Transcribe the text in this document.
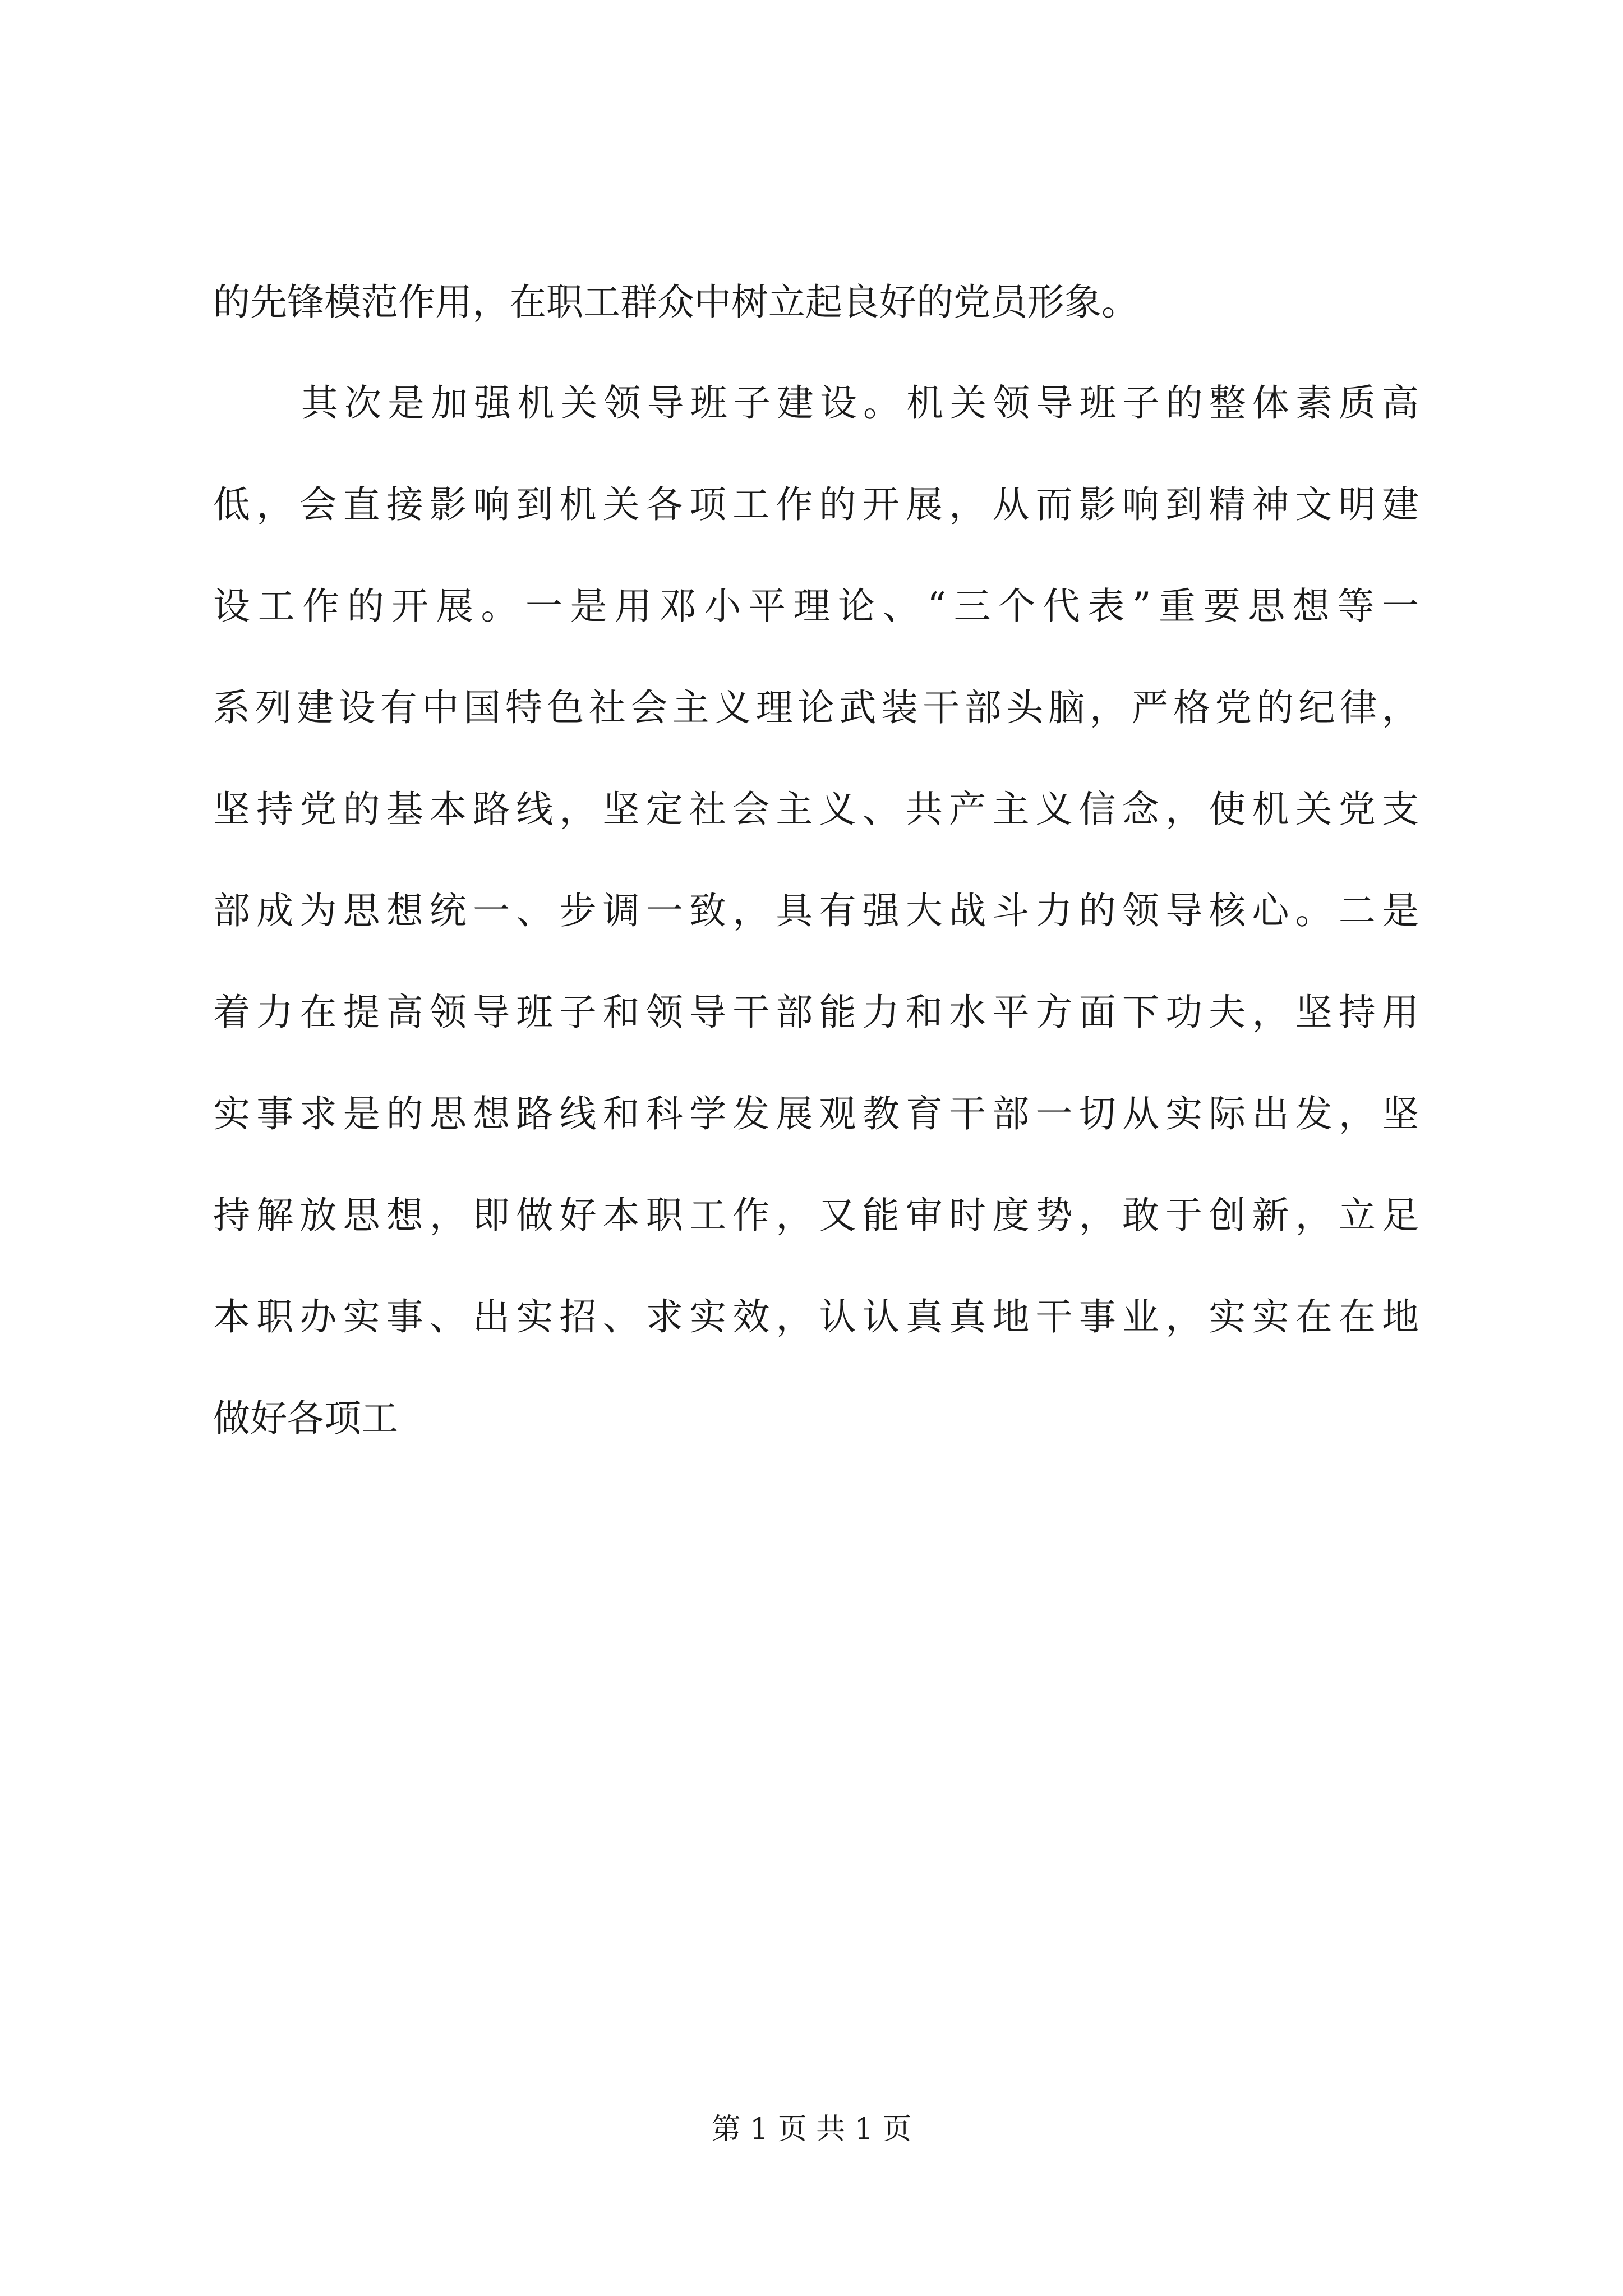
的先锋模范作用，在职工群众中树立起良好的党员形象。
其次是加强机关领导班子建设。机关领导班子的整体素质高
低，会直接影响到机关各项工作的开展，从而影响到精神文明建
设工作的开展。一是用邓小平理论、“三个代表”重要思想等一
系列建设有中国特色社会主义理论武装干部头脑，严格党的纪律，
坚持党的基本路线，坚定社会主义、共产主义信念，使机关党支
部成为思想统一、步调一致，具有强大战斗力的领导核心。二是
着力在提高领导班子和领导干部能力和水平方面下功夫，坚持用
实事求是的思想路线和科学发展观教育干部一切从实际出发，坚
持解放思想，即做好本职工作，又能审时度势，敢于创新，立足
本职办实事、出实招、求实效，认认真真地干事业，实实在在地
做好各项工
第 1 页 共 1 页
